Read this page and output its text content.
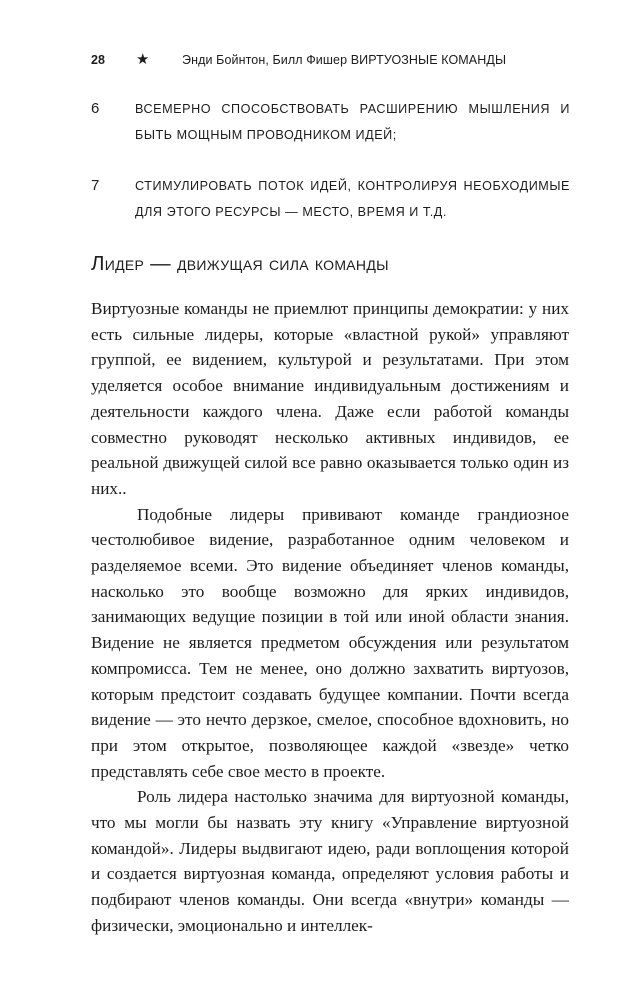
28 ★	Энди Бойнтон, Билл Фишер ВИРТУОЗНЫЕ КОМАНДЫ
6	ВСЕМЕРНО СПОСОБСТВОВАТЬ РАСШИРЕНИЮ МЫШЛЕНИЯ И БЫТЬ МОЩНЫМ ПРОВОДНИКОМ ИДЕЙ;
7	СТИМУЛИРОВАТЬ ПОТОК ИДЕЙ, КОНТРОЛИРУЯ НЕОБХОДИМЫЕ ДЛЯ ЭТОГО РЕСУРСЫ — МЕСТО, ВРЕМЯ И Т.Д.
Лидер — движущая сила команды

Виртуозные команды не приемлют принципы демократии: у них есть сильные лидеры, которые «властной рукой» управляют группой, ее видением, культурой и результатами. При этом уделяется особое внимание индивидуальным достижениям и деятельности каждого члена. Даже если работой команды совместно руководят несколько активных индивидов, ее реальной движущей силой все равно оказывается только один из них..

Подобные лидеры прививают команде грандиозное честолюбивое видение, разработанное одним человеком и разделяемое всеми. Это видение объединяет членов команды, насколько это вообще возможно для ярких индивидов, занимающих ведущие позиции в той или иной области знания. Видение не является предметом обсуждения или результатом компромисса. Тем не менее, оно должно захватить виртуозов, которым предстоит создавать будущее компании. Почти всегда видение — это нечто дерзкое, смелое, способное вдохновить, но при этом открытое, позволяющее каждой «звезде» четко представлять себе свое место в проекте.

Роль лидера настолько значима для виртуозной команды, что мы могли бы назвать эту книгу «Управление виртуозной командой». Лидеры выдвигают идею, ради воплощения которой и создается виртуозная команда, определяют условия работы и подбирают членов команды. Они всегда «внутри» команды — физически, эмоционально и интеллек-
